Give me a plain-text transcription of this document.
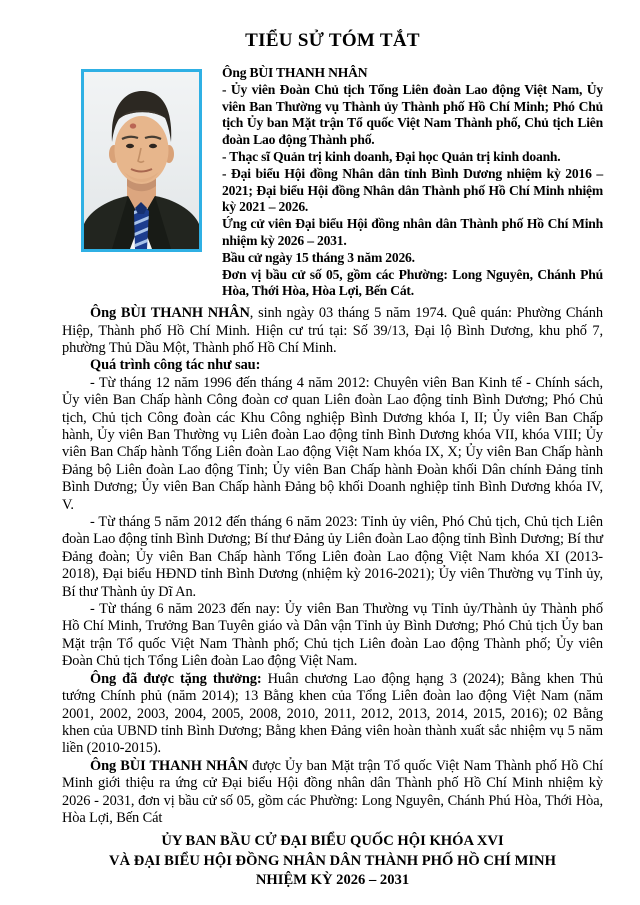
TIỂU SỬ TÓM TẮT

Ông BÙI THANH NHÂN

- Ủy viên Đoàn Chủ tịch Tổng Liên đoàn Lao động Việt Nam, Ủy viên Ban Thường vụ Thành ủy Thành phố Hồ Chí Minh; Phó Chủ tịch Ủy ban Mặt trận Tổ quốc Việt Nam Thành phố, Chủ tịch Liên đoàn Lao động Thành phố.

- Thạc sĩ Quản trị kinh doanh, Đại học Quản trị kinh doanh.

- Đại biểu Hội đồng Nhân dân tỉnh Bình Dương nhiệm kỳ 2016 – 2021; Đại biểu Hội đồng Nhân dân Thành phố Hồ Chí Minh nhiệm kỳ 2021 – 2026.

Ứng cử viên Đại biểu Hội đồng nhân dân Thành phố Hồ Chí Minh nhiệm kỳ 2026 – 2031.

Bầu cử ngày 15 tháng 3 năm 2026.

Đơn vị bầu cử số 05, gồm các Phường: Long Nguyên, Chánh Phú Hòa, Thới Hòa, Hòa Lợi, Bến Cát.

Ông BÙI THANH NHÂN, sinh ngày 03 tháng 5 năm 1974. Quê quán: Phường Chánh Hiệp, Thành phố Hồ Chí Minh. Hiện cư trú tại: Số 39/13, Đại lộ Bình Dương, khu phố 7, phường Thủ Dầu Một, Thành phố Hồ Chí Minh.

Quá trình công tác như sau:

- Từ tháng 12 năm 1996 đến tháng 4 năm 2012: Chuyên viên Ban Kinh tế - Chính sách, Ủy viên Ban Chấp hành Công đoàn cơ quan Liên đoàn Lao động tỉnh Bình Dương; Phó Chủ tịch, Chủ tịch Công đoàn các Khu Công nghiệp Bình Dương khóa I, II; Ủy viên Ban Chấp hành, Ủy viên Ban Thường vụ Liên đoàn Lao động tỉnh Bình Dương khóa VII, khóa VIII; Ủy viên Ban Chấp hành Tổng Liên đoàn Lao động Việt Nam khóa IX, X; Ủy viên Ban Chấp hành Đảng bộ Liên đoàn Lao động Tỉnh; Ủy viên Ban Chấp hành Đoàn khối Dân chính Đảng tỉnh Bình Dương; Ủy viên Ban Chấp hành Đảng bộ khối Doanh nghiệp tỉnh Bình Dương khóa IV, V.

- Từ tháng 5 năm 2012 đến tháng 6 năm 2023: Tỉnh ủy viên, Phó Chủ tịch, Chủ tịch Liên đoàn Lao động tỉnh Bình Dương; Bí thư Đảng ủy Liên đoàn Lao động tỉnh Bình Dương; Bí thư Đảng đoàn; Ủy viên Ban Chấp hành Tổng Liên đoàn Lao động Việt Nam khóa XI (2013-2018), Đại biểu HĐND tỉnh Bình Dương (nhiệm kỳ 2016-2021); Ủy viên Thường vụ Tỉnh ủy, Bí thư Thành ủy Dĩ An.

- Từ tháng 6 năm 2023 đến nay: Ủy viên Ban Thường vụ Tỉnh ủy/Thành ủy Thành phố Hồ Chí Minh, Trưởng Ban Tuyên giáo và Dân vận Tỉnh ủy Bình Dương; Phó Chủ tịch Ủy ban Mặt trận Tổ quốc Việt Nam Thành phố; Chủ tịch Liên đoàn Lao động Thành phố; Ủy viên Đoàn Chủ tịch Tổng Liên đoàn Lao động Việt Nam.

Ông đã được tặng thưởng: Huân chương Lao động hạng 3 (2024); Bằng khen Thủ tướng Chính phủ (năm 2014); 13 Bằng khen của Tổng Liên đoàn lao động Việt Nam (năm 2001, 2002, 2003, 2004, 2005, 2008, 2010, 2011, 2012, 2013, 2014, 2015, 2016); 02 Bằng khen của UBND tỉnh Bình Dương; Bằng khen Đảng viên hoàn thành xuất sắc nhiệm vụ 5 năm liền (2010-2015).

Ông BÙI THANH NHÂN được Ủy ban Mặt trận Tổ quốc Việt Nam Thành phố Hồ Chí Minh giới thiệu ra ứng cử Đại biểu Hội đồng nhân dân Thành phố Hồ Chí Minh nhiệm kỳ 2026 - 2031, đơn vị bầu cử số 05, gồm các Phường: Long Nguyên, Chánh Phú Hòa, Thới Hòa, Hòa Lợi, Bến Cát

ỦY BAN BẦU CỬ ĐẠI BIỂU QUỐC HỘI KHÓA XVI
VÀ ĐẠI BIỂU HỘI ĐỒNG NHÂN DÂN THÀNH PHỐ HỒ CHÍ MINH
NHIỆM KỲ 2026 – 2031
